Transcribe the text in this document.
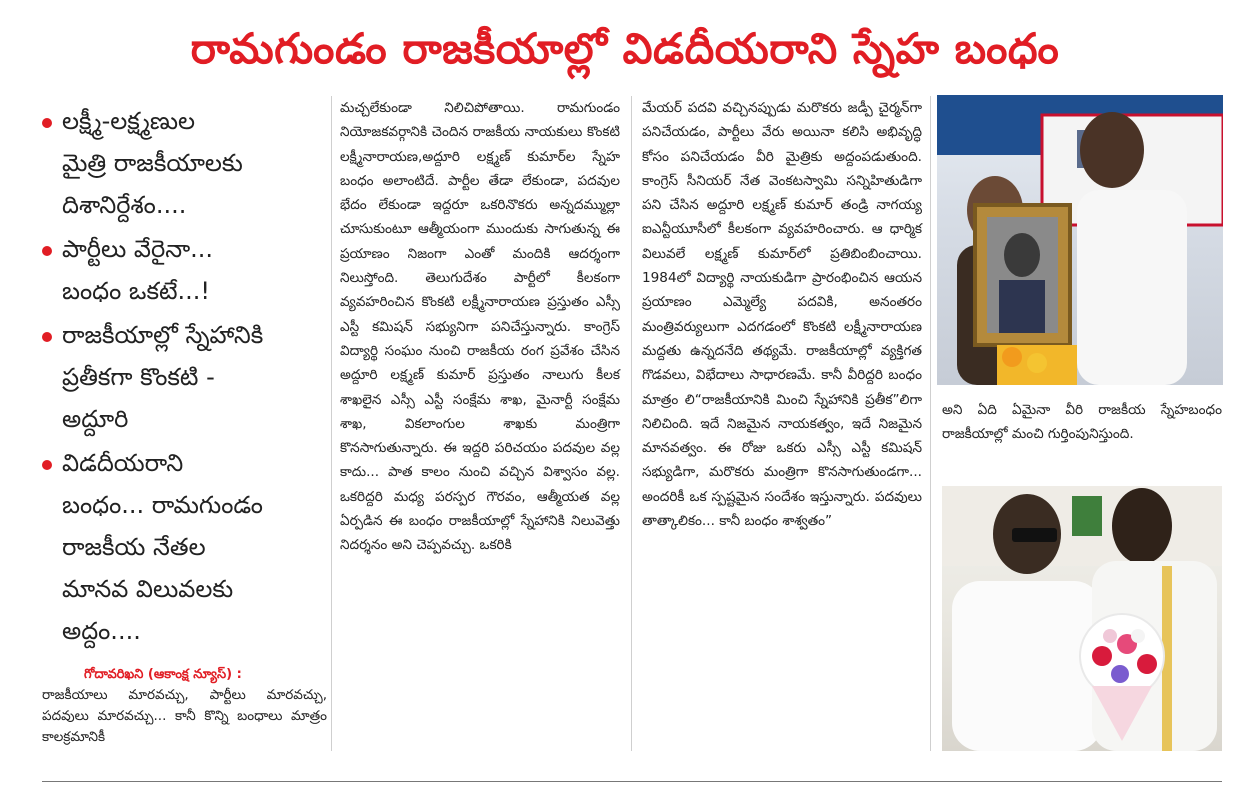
రామగుండం రాజకీయాల్లో విడదీయరాని స్నేహ బంధం
లక్ష్మీ-లక్ష్మణుల
మైత్రి రాజకీయాలకు
దిశానిర్దేశం....
పార్టీలు వేరైనా...
బంధం ఒకటే...!
రాజకీయాల్లో స్నేహానికి
ప్రతీకగా కొంకటి -
అద్దూరి
విడదీయరాని
బంధం... రామగుండం
రాజకీయ నేతల
మానవ విలువలకు
అద్దం....
గోదావరిఖని (ఆకాంక్ష న్యూస్) :
రాజకీయాలు మారవచ్చు, పార్టీలు మారవచ్చు, పదవులు మారవచ్చు... కానీ కొన్ని బంధాలు మాత్రం కాలక్రమానికీ
మచ్చలేకుండా నిలిచిపోతాయి. రామగుండం నియోజకవర్గానికి చెందిన రాజకీయ నాయకులు కొంకటి లక్ష్మీనారాయణ,అద్దూరి లక్ష్మణ్ కుమార్‌ల స్నేహ బంధం అలాంటిదే. పార్టీల తేడా లేకుండా, పదవుల భేదం లేకుండా ఇద్దరూ ఒకరినొకరు అన్నదమ్ముల్లా చూసుకుంటూ ఆత్మీయంగా ముందుకు సాగుతున్న ఈ ప్రయాణం నిజంగా ఎంతో మందికి ఆదర్శంగా నిలుస్తోంది. తెలుగుదేశం పార్టీలో కీలకంగా వ్యవహరించిన కొంకటి లక్ష్మీనారాయణ ప్రస్తుతం ఎస్సీ ఎస్టీ కమిషన్ సభ్యునిగా పనిచేస్తున్నారు. కాంగ్రెస్ విద్యార్థి సంఘం నుంచి రాజకీయ రంగ ప్రవేశం చేసిన అద్దూరి లక్ష్మణ్ కుమార్ ప్రస్తుతం నాలుగు కీలక శాఖలైన ఎస్సీ ఎస్టీ సంక్షేమ శాఖ, మైనార్టీ సంక్షేమ శాఖ, వికలాంగుల శాఖకు మంత్రిగా కొనసాగుతున్నారు. ఈ ఇద్దరి పరిచయం పదవుల వల్ల కాదు... పాత కాలం నుంచి వచ్చిన విశ్వాసం వల్ల. ఒకరిద్దరి మధ్య పరస్పర గౌరవం, ఆత్మీయత వల్ల ఏర్పడిన ఈ బంధం రాజకీయాల్లో స్నేహానికి నిలువెత్తు నిదర్శనం అని చెప్పవచ్చు. ఒకరికి
మేయర్ పదవి వచ్చినప్పుడు మరొకరు జడ్పీ చైర్మన్‌గా పనిచేయడం, పార్టీలు వేరు అయినా కలిసి అభివృద్ధి కోసం పనిచేయడం వీరి మైత్రికు అద్దంపడుతుంది. కాంగ్రెస్ సీనియర్ నేత వెంకటస్వామి సన్నిహితుడిగా పని చేసిన అద్దూరి లక్ష్మణ్ కుమార్ తండ్రి నాగయ్య ఐఎన్టీయూసీలో కీలకంగా వ్యవహరించారు. ఆ ధార్మిక విలువలే లక్ష్మణ్ కుమార్‌లో ప్రతిబింబించాయి. 1984లో విద్యార్థి నాయకుడిగా ప్రారంభించిన ఆయన ప్రయాణం ఎమ్మెల్యే పదవికి, అనంతరం మంత్రివర్యులుగా ఎదగడంలో కొంకటి లక్ష్మీనారాయణ మద్దతు ఉన్నదనేది తథ్యమే. రాజకీయాల్లో వ్యక్తిగత గొడవలు, విభేదాలు సాధారణమే. కానీ వీరిద్దరి బంధం మాత్రం లి“రాజకీయానికి మించి స్నేహానికి ప్రతీక”లిగా నిలిచింది. ఇదే నిజమైన నాయకత్వం, ఇదే నిజమైన మానవత్వం. ఈ రోజు ఒకరు ఎస్సీ ఎస్టీ కమిషన్ సభ్యుడిగా, మరొకరు మంత్రిగా కొనసాగుతుండగా... అందరికీ ఒక స్పష్టమైన సందేశం ఇస్తున్నారు. పదవులు తాత్కాలికం... కానీ బంధం శాశ్వతం”
అని ఏది ఏమైనా వీరి రాజకీయ స్నేహబంధం రాజకీయాల్లో మంచి గుర్తింపునిస్తుంది.
